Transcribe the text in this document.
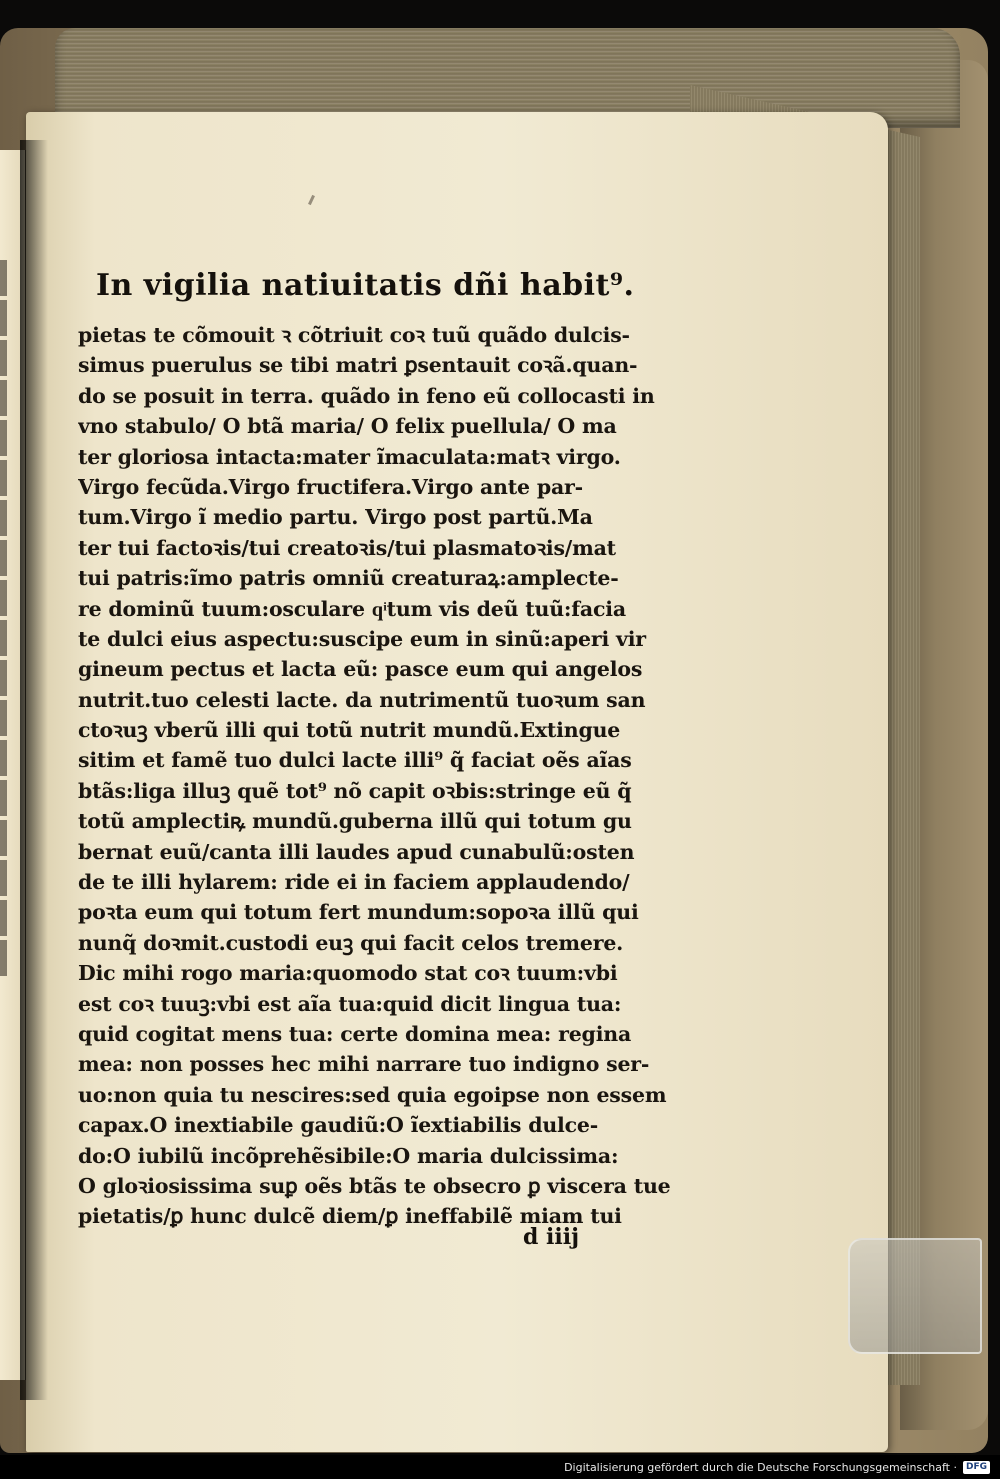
In vigilia natiuitatis dñi habit⁹.
pietas te cõmouit ꝛ cõtriuit coꝛ tuũ quãdo dulcis-
simus puerulus se tibi matri ꝑsentauit coꝛã.quan-
do se posuit in terra. quãdo in feno eũ collocasti in
vno stabulo/ O btã maria/ O felix puellula/ O ma
ter glоriosa intacta:mater ĩmaculata:matꝛ virgo.
Virgo fecũda.Virgo fructifera.Virgo ante par-
tum.Virgo ĩ medio partu. Virgo post partũ.Ma
ter tui factoꝛis/tui creatoꝛis/tui plasmatoꝛis/mat
tui patris:ĩmo patris omniũ creaturaꝝ:amplecte-
re dominũ tuum:osculare qͥtum vis deũ tuũ:facia
te dulci eius aspectu:suscipe eum in sinũ:aperi vir
gineum pectus et lacta eũ: pasce eum qui angelos
nutrit.tuo celesti lacte. da nutrimentũ tuoꝛum san
ctoꝛuꝫ vberũ illi qui totũ nutrit mundũ.Extingue
sitim et famẽ tuo dulci lacte illi⁹ q̃ faciat oẽs aĩas
btãs:liga illuꝫ quẽ tot⁹ nõ capit oꝛbis:stringe eũ q̃
totũ amplectiꝶ mundũ.guberna illũ qui totum gu
bernat euũ/canta illi laudes apud cunabulũ:osten
de te illi hylarem: ride ei in faciem applaudendo/
poꝛta eum qui totum fert mundum:sopoꝛa illũ qui
nunq̃ doꝛmit.custodi euꝫ qui facit celos tremere.
Dic mihi rogo maria:quomodo stat coꝛ tuum:vbi
est coꝛ tuuꝫ:vbi est aĩa tua:quid dicit lingua tua:
quid cogitat mens tua: certe domina mea: regina
mea: non posses hec mihi narrare tuo indigno ser-
uo:non quia tu nescires:sed quia egoipse non essem
capax.O inextiabile gaudiũ:O ĩextiabilis dulce-
do:O iubilũ incõprehẽsibile:O maria dulcissima:
O gloꝛiosissima suꝑ oẽs btãs te obsecro ꝑ viscera tue
pietatis/ꝑ hunc dulcẽ diem/ꝑ ineffabilẽ miam tui
d iiij
Digitalisierung gefördert durch die Deutsche Forschungsgemeinschaft ·	DFG
